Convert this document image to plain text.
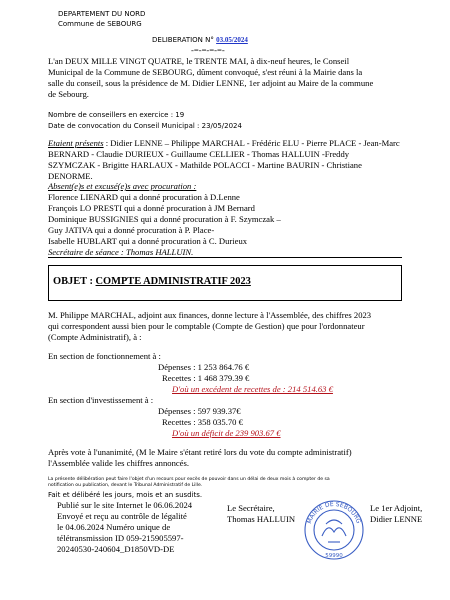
DEPARTEMENT DU NORD
Commune de SEBOURG
DELIBERATION N° 03.05/2024
-=-=-=-=-
L'an DEUX MILLE VINGT QUATRE, le TRENTE MAI, à dix-neuf heures, le Conseil
Municipal de la Commune de SEBOURG, dûment convoqué, s'est réuni à la Mairie dans la
salle du conseil, sous la présidence de M. Didier LENNE, 1er adjoint au Maire de la commune
de Sebourg.
Nombre de conseillers en exercice : 19
Date de convocation du Conseil Municipal : 23/05/2024
Etaient présents : Didier LENNE – Philippe MARCHAL - Frédéric ELU - Pierre PLACE - Jean-Marc
BERNARD - Claudie DURIEUX - Guillaume CELLIER - Thomas HALLUIN -Freddy
SZYMCZAK - Brigitte HARLAUX - Mathilde POLACCI - Martine BAURIN - Christiane
DENORME.
Absent(e)s et excusé(e)s avec procuration :
Florence LIENARD qui a donné procuration à D.Lenne
François LO PRESTI qui a donné procuration à JM Bernard
Dominique BUSSIGNIES qui a donné procuration à F. Szymczak –
Guy JATIVA qui a donné procuration à P. Place-
Isabelle HUBLART qui a donné procuration à C. Durieux
Secrétaire de séance : Thomas HALLUIN.
OBJET : COMPTE ADMINISTRATIF 2023
M. Philippe MARCHAL, adjoint aux finances, donne lecture à l'Assemblée, des chiffres 2023
qui correspondent aussi bien pour le comptable (Compte de Gestion) que pour l'ordonnateur
(Compte Administratif), à :
En section de fonctionnement à :
Dépenses : 1 253 864.76 €
Recettes : 1 468 379.39 €
D'où un excédent de recettes de : 214 514.63 €
En section d'investissement à :
Dépenses : 597 939.37€
Recettes : 358 035.70 €
D'où un déficit de 239 903.67 €
Après vote à l'unanimité, (M le Maire s'étant retiré lors du vote du compte administratif)
l'Assemblée valide les chiffres annoncés.
La présente délibération peut faire l'objet d'un recours pour excès de pouvoir dans un délai de deux mois à compter de sa
notification ou publication, devant le Tribunal Administratif de Lille.
Fait et délibéré les jours, mois et an susdits.
Publié sur le site Internet le 06.06.2024
Envoyé et reçu au contrôle de légalité
le 04.06.2024 Numéro unique de
télétransmission ID 059-215905597-
20240530-240604_D1850VD-DE
Le Secrétaire,
Thomas HALLUIN
Le 1er Adjoint,
Didier LENNE
MAIRIE DE SEBOURG
59990
